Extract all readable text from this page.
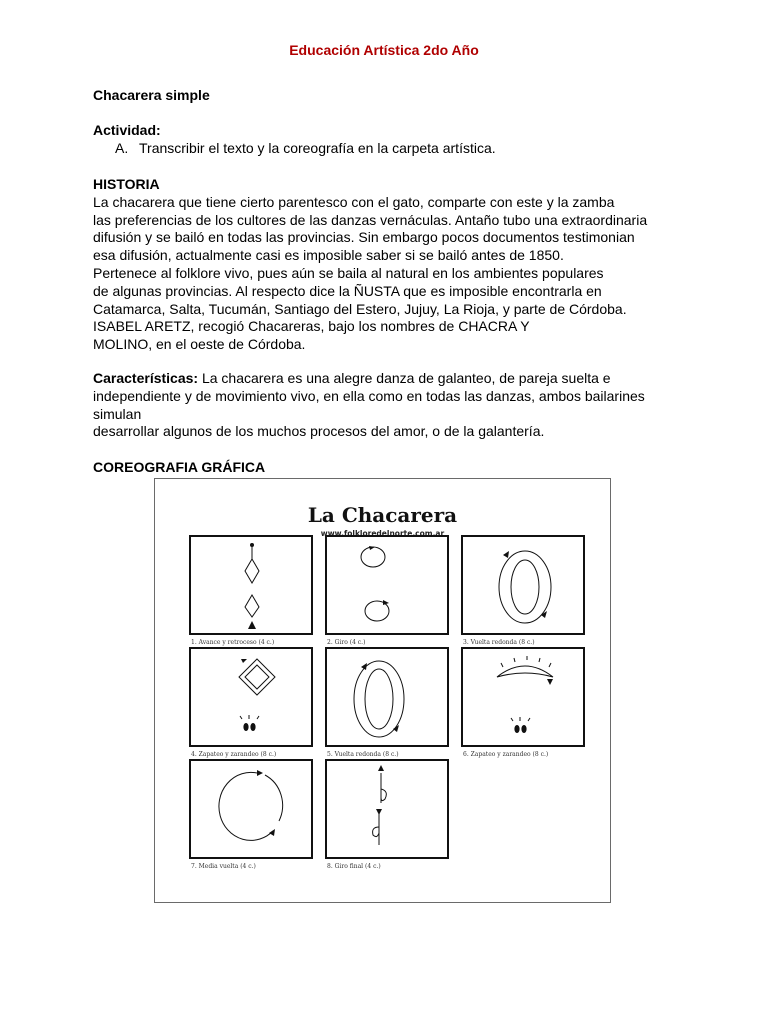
Educación Artística 2do Año
Chacarera simple
Actividad:
A. Transcribir el texto y la coreografía en la carpeta artística.
HISTORIA
La chacarera que tiene cierto parentesco con el gato, comparte con este y la zamba
las preferencias de los cultores de las danzas vernáculas. Antaño tubo una extraordinaria
difusión y se bailó en todas las provincias. Sin embargo pocos documentos testimonian
esa difusión, actualmente casi es imposible saber si se bailó antes de 1850.
Pertenece al folklore vivo, pues aún se baila al natural en los ambientes populares
de algunas provincias. Al respecto dice la ÑUSTA que es imposible encontrarla en
Catamarca, Salta, Tucumán, Santiago del Estero, Jujuy, La Rioja, y parte de Córdoba.
ISABEL ARETZ, recogió Chacareras, bajo los nombres de CHACRA Y
MOLINO, en el oeste de Córdoba.
Características: La chacarera es una alegre danza de galanteo, de pareja suelta e
independiente y de movimiento vivo, en ella como en todas las danzas, ambos bailarines
simulan
desarrollar algunos de los muchos procesos del amor, o de la galantería.
COREOGRAFIA GRÁFICA
La Chacarera
www.folkloredelnorte.com.ar
1. Avance y retroceso (4 c.)	2. Giro (4 c.)	3. Vuelta redonda (8 c.)
4. Zapateo y zarandeo (8 c.)	5. Vuelta redonda (8 c.)	6. Zapateo y zarandeo (8 c.)
7. Media vuelta (4 c.)	8. Giro final (4 c.)
